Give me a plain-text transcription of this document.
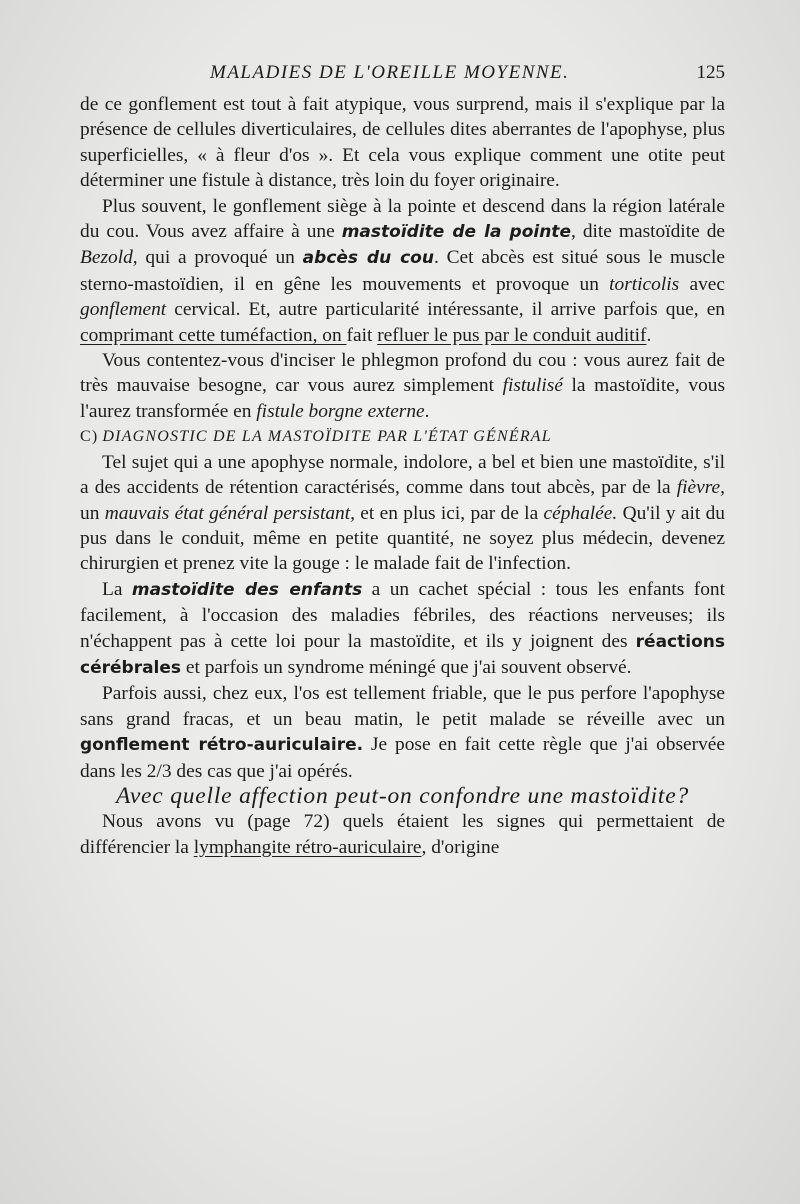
MALADIES DE L'OREILLE MOYENNE.	125

de ce gonflement est tout à fait atypique, vous surprend, mais il s'explique par la présence de cellules diverticulaires, de cellules dites aberrantes de l'apophyse, plus superficielles, « à fleur d'os ». Et cela vous explique comment une otite peut déterminer une fistule à distance, très loin du foyer originaire.

Plus souvent, le gonflement siège à la pointe et descend dans la région latérale du cou. Vous avez affaire à une mastoïdite de la pointe, dite mastoïdite de Bezold, qui a provoqué un abcès du cou. Cet abcès est situé sous le muscle sterno-mastoïdien, il en gêne les mouvements et provoque un torticolis avec gonflement cervical. Et, autre particularité intéressante, il arrive parfois que, en comprimant cette tuméfaction, on fait refluer le pus par le conduit auditif.

Vous contentez-vous d'inciser le phlegmon profond du cou : vous aurez fait de très mauvaise besogne, car vous aurez simplement fistulisé la mastoïdite, vous l'aurez transformée en fistule borgne externe.

C) DIAGNOSTIC DE LA MASTOÏDITE PAR L'ÉTAT GÉNÉRAL

Tel sujet qui a une apophyse normale, indolore, a bel et bien une mastoïdite, s'il a des accidents de rétention caractérisés, comme dans tout abcès, par de la fièvre, un mauvais état général persistant, et en plus ici, par de la céphalée. Qu'il y ait du pus dans le conduit, même en petite quantité, ne soyez plus médecin, devenez chirurgien et prenez vite la gouge : le malade fait de l'infection.

La mastoïdite des enfants a un cachet spécial : tous les enfants font facilement, à l'occasion des maladies fébriles, des réactions nerveuses; ils n'échappent pas à cette loi pour la mastoïdite, et ils y joignent des réactions cérébrales et parfois un syndrome méningé que j'ai souvent observé.

Parfois aussi, chez eux, l'os est tellement friable, que le pus perfore l'apophyse sans grand fracas, et un beau matin, le petit malade se réveille avec un gonflement rétro-auriculaire. Je pose en fait cette règle que j'ai observée dans les 2/3 des cas que j'ai opérés.

Avec quelle affection peut-on confondre une mastoïdite?

Nous avons vu (page 72) quels étaient les signes qui permettaient de différencier la lymphangite rétro-auriculaire, d'origine
